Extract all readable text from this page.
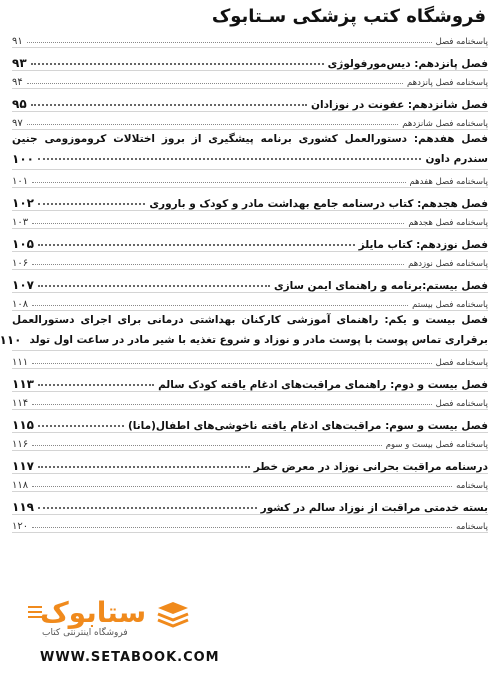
فروشگاه کتب پزشکی سـتابوک
پاسخنامه فصل
۹۱
فصل پانزدهم: دیس‌مورفولوژی
۹۳
پاسخنامه فصل پانزدهم
۹۴
فصل شانزدهم: عفونت در نوزادان
۹۵
پاسخنامه فصل شانزدهم
۹۷
فصل هفدهم: دستورالعمل کشوری برنامه پیشگیری از بروز اختلالات کروموزومی جنین
سندرم داون
۱۰۰
پاسخنامه فصل هفدهم
۱۰۱
فصل هجدهم: کتاب درسنامه جامع بهداشت مادر و کودک و باروری
۱۰۲
پاسخنامه فصل هجدهم
۱۰۳
فصل نوزدهم: کتاب مایلز
۱۰۵
پاسخنامه فصل نوزدهم
۱۰۶
فصل بیستم:برنامه و راهنمای ایمن سازی
۱۰۷
پاسخنامه فصل بیستم
۱۰۸
فصل بیست و یکم: راهنمای آموزشی کارکنان بهداشتی درمانی برای اجرای دستورالعمل
برقراری تماس پوست با پوست مادر و نوزاد و شروع تغذیه با شیر مادر در ساعت اول تولد
۱۱۰
پاسخنامه فصل
۱۱۱
فصل بیست و دوم: راهنمای مراقبت‌های ادغام یافته کودک سالم
۱۱۳
پاسخنامه فصل
۱۱۴
فصل بیست و سوم: مراقبت‌های ادغام یافته ناخوشی‌های اطفال(مانا)
۱۱۵
پاسخنامه فصل بیست و سوم
۱۱۶
درسنامه مراقبت بحرانی نوزاد در معرض خطر
۱۱۷
پاسخنامه
۱۱۸
بسته خدمتی مراقبت از نوزاد سالم در کشور
۱۱۹
پاسخنامه
۱۲۰
ستابوک
فروشگاه اینترنتی کتاب
WWW.SETABOOK.COM
